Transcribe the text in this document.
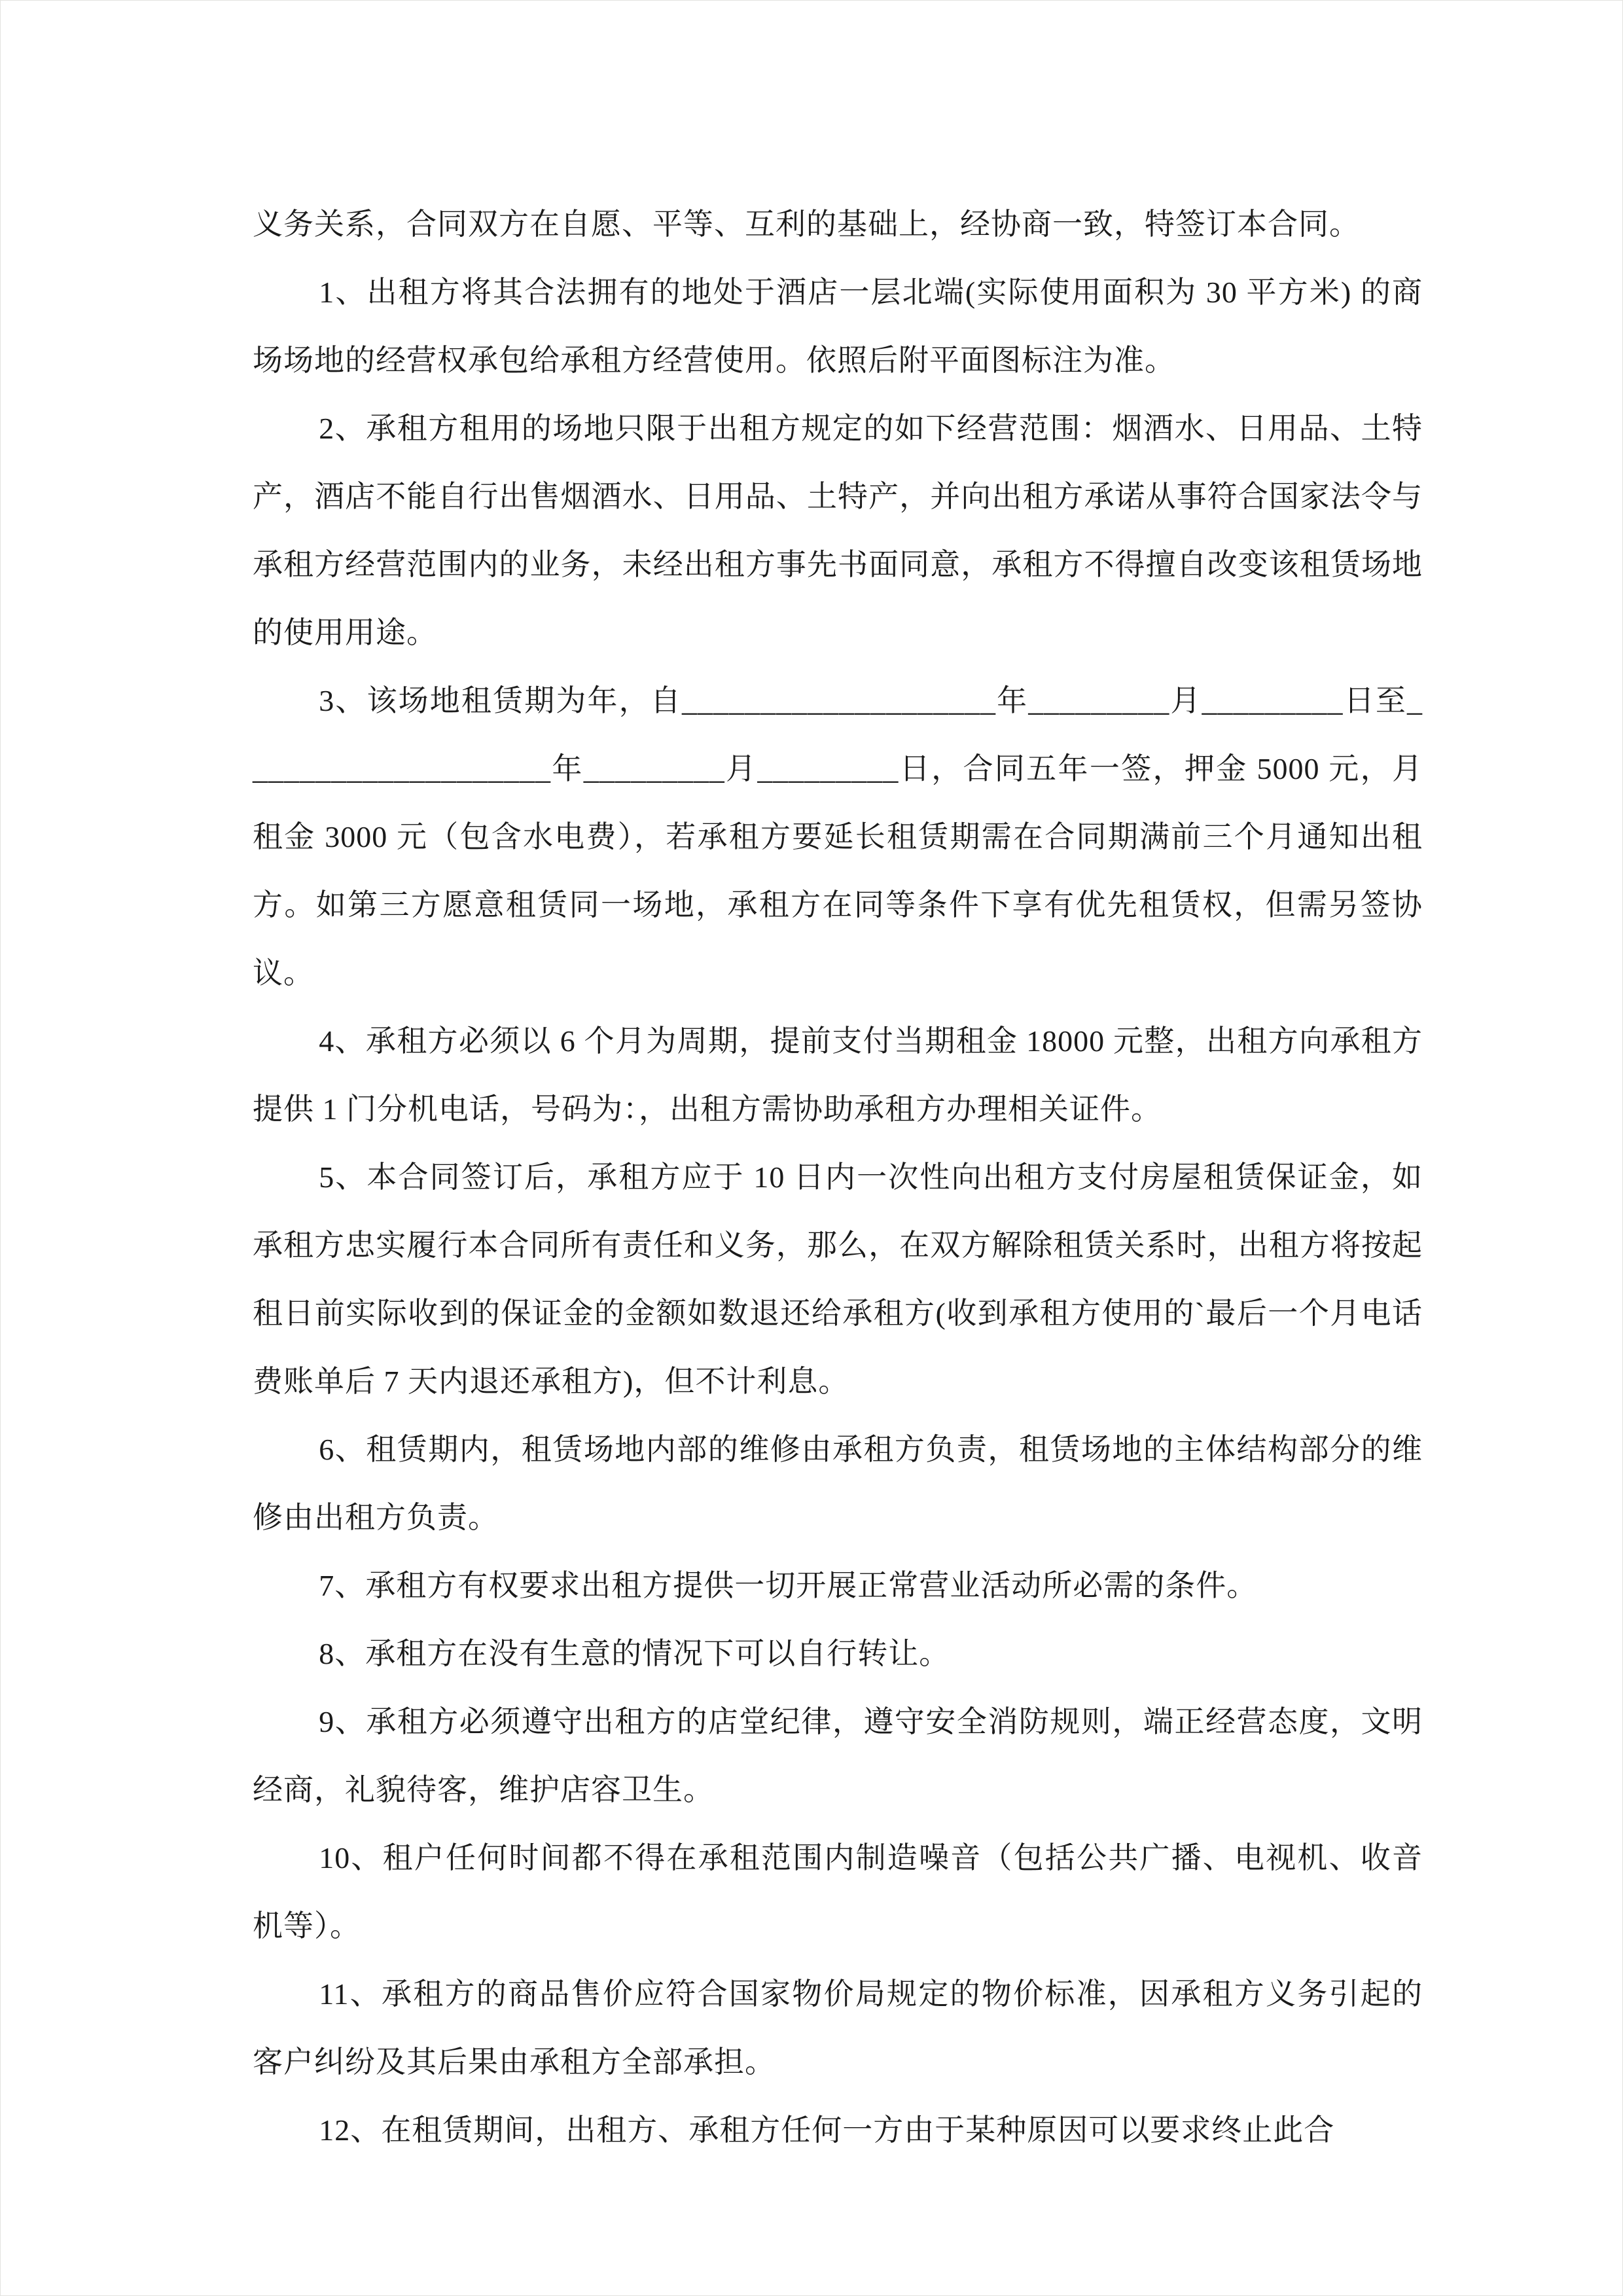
义务关系，合同双方在自愿、平等、互利的基础上，经协商一致，特签订本合同。

1、出租方将其合法拥有的地处于酒店一层北端(实际使用面积为 30 平方米) 的商场场地的经营权承包给承租方经营使用。依照后附平面图标注为准。

2、承租方租用的场地只限于出租方规定的如下经营范围：烟酒水、日用品、土特产，酒店不能自行出售烟酒水、日用品、土特产，并向出租方承诺从事符合国家法令与承租方经营范围内的业务，未经出租方事先书面同意，承租方不得擅自改变该租赁场地的使用用途。

3、该场地租赁期为年，自____________________年_________月_________日至____________________年_________月_________日，合同五年一签，押金 5000 元，月租金 3000 元（包含水电费），若承租方要延长租赁期需在合同期满前三个月通知出租方。如第三方愿意租赁同一场地，承租方在同等条件下享有优先租赁权，但需另签协议。

4、承租方必须以 6 个月为周期，提前支付当期租金 18000 元整，出租方向承租方提供 1 门分机电话，号码为：，出租方需协助承租方办理相关证件。

5、本合同签订后，承租方应于 10 日内一次性向出租方支付房屋租赁保证金，如承租方忠实履行本合同所有责任和义务，那么，在双方解除租赁关系时，出租方将按起租日前实际收到的保证金的金额如数退还给承租方(收到承租方使用的`最后一个月电话费账单后 7 天内退还承租方)，但不计利息。

6、租赁期内，租赁场地内部的维修由承租方负责，租赁场地的主体结构部分的维修由出租方负责。

7、承租方有权要求出租方提供一切开展正常营业活动所必需的条件。

8、承租方在没有生意的情况下可以自行转让。

9、承租方必须遵守出租方的店堂纪律，遵守安全消防规则，端正经营态度，文明经商，礼貌待客，维护店容卫生。

10、租户任何时间都不得在承租范围内制造噪音（包括公共广播、电视机、收音机等）。

11、承租方的商品售价应符合国家物价局规定的物价标准，因承租方义务引起的客户纠纷及其后果由承租方全部承担。

12、在租赁期间，出租方、承租方任何一方由于某种原因可以要求终止此合
